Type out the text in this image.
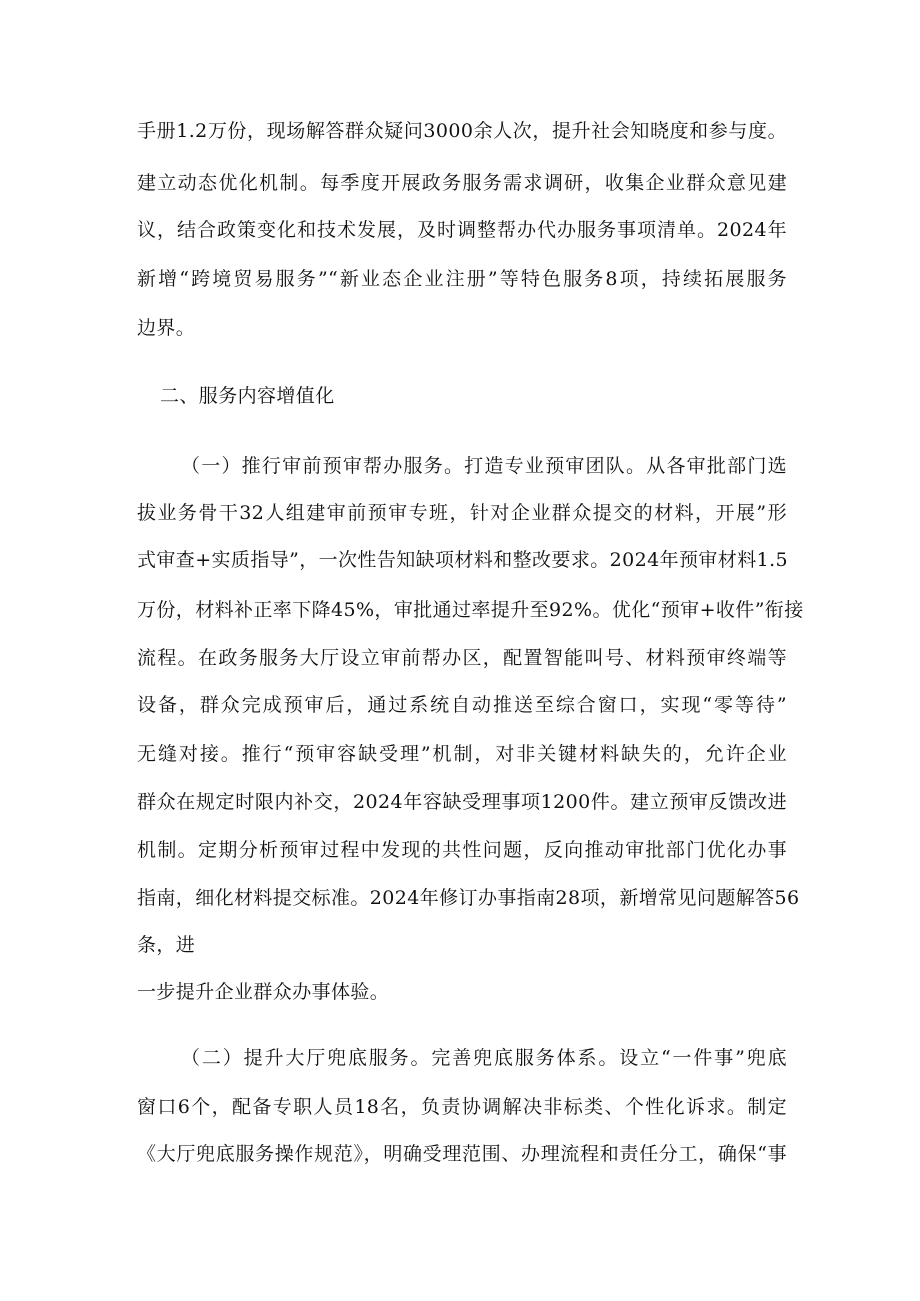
手册1.2万份，现场解答群众疑问3000余人次，提升社会知晓度和参与度。
建立动态优化机制。每季度开展政务服务需求调研，收集企业群众意见建
议，结合政策变化和技术发展，及时调整帮办代办服务事项清单。2024年
新增“跨境贸易服务”“新业态企业注册”等特色服务8项，持续拓展服务
边界。
二、服务内容增值化
（一）推行审前预审帮办服务。打造专业预审团队。从各审批部门选
拔业务骨干32人组建审前预审专班，针对企业群众提交的材料，开展”形
式审查+实质指导”，一次性告知缺项材料和整改要求。2024年预审材料1.5
万份，材料补正率下降45%，审批通过率提升至92%。优化“预审+收件”衔接
流程。在政务服务大厅设立审前帮办区，配置智能叫号、材料预审终端等
设备，群众完成预审后，通过系统自动推送至综合窗口，实现“零等待”
无缝对接。推行“预审容缺受理”机制，对非关键材料缺失的，允许企业
群众在规定时限内补交，2024年容缺受理事项1200件。建立预审反馈改进
机制。定期分析预审过程中发现的共性问题，反向推动审批部门优化办事
指南，细化材料提交标准。2024年修订办事指南28项，新增常见问题解答56
条，进
一步提升企业群众办事体验。
（二）提升大厅兜底服务。完善兜底服务体系。设立“一件事”兜底
窗口6个，配备专职人员18名，负责协调解决非标类、个性化诉求。制定
《大厅兜底服务操作规范》，明确受理范围、办理流程和责任分工，确保“事
